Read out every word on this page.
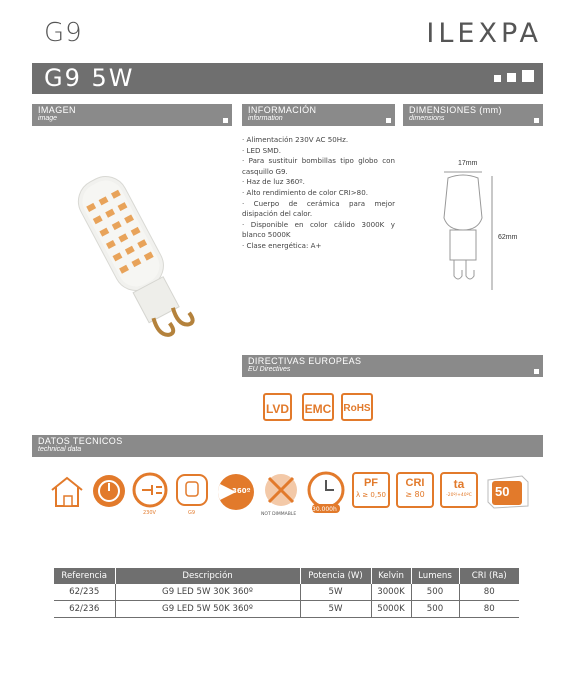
G9	ILEXPA
G9 5W
IMAGEN
image
INFORMACIÓN
information
DIMENSIONES (mm)
dimensions
· Alimentación 230V AC 50Hz.
· LED SMD.
· Para sustituir bombillas tipo globo con casquillo G9.
· Haz de luz 360º.
· Alto rendimiento de color CRI>80.
· Cuerpo de cerámica para mejor disipación del calor.
· Disponible en color cálido 3000K y blanco 5000K
· Clase energética: A+
17mm
62mm
DIRECTIVAS EUROPEAS
EU Directives
LVD EMC RoHS
DATOS TECNICOS
technical data
230V	G9
360º
NOT DIMMABLE
30.000h
PF
λ ≥ 0,50
CRI
≥ 80
ta
-20º/+40ºC	50
Referencia	Descripción	Potencia (W)	Kelvin	Lumens	CRI (Ra)
62/235	G9 LED 5W 30K 360º	5W	3000K	500	80
62/236	G9 LED 5W 50K 360º	5W	5000K	500	80
